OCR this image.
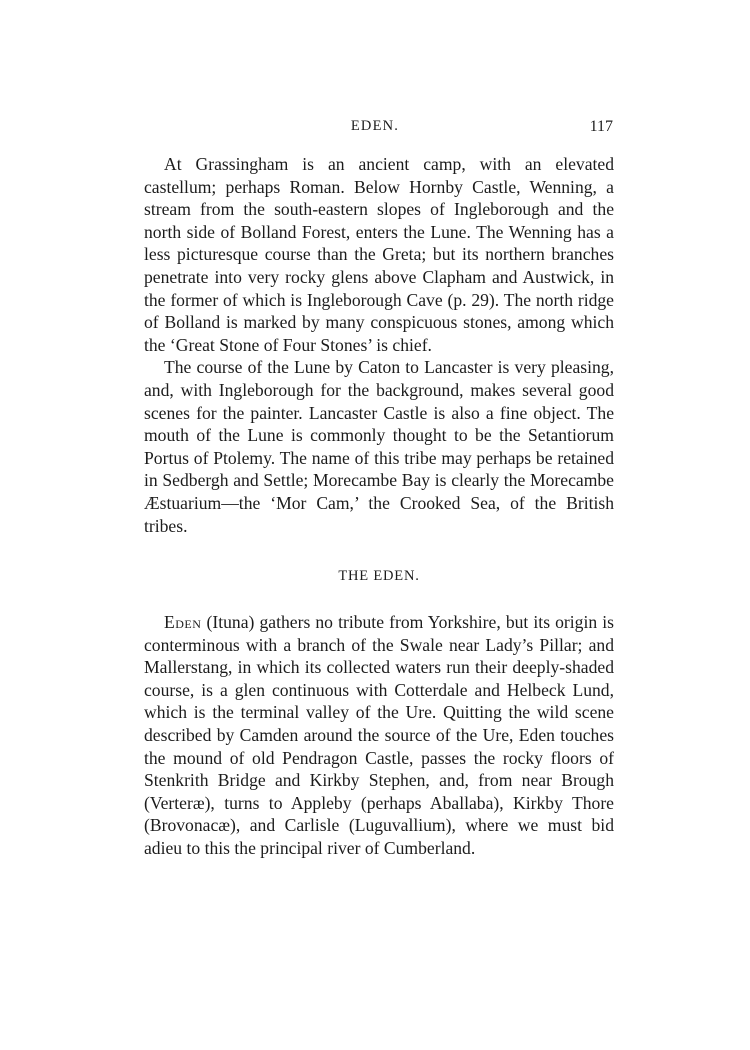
EDEN.	117

At Grassingham is an ancient camp, with an elevated castellum; perhaps Roman. Below Hornby Castle, Wenning, a stream from the south-eastern slopes of Ingleborough and the north side of Bolland Forest, enters the Lune. The Wenning has a less picturesque course than the Greta; but its northern branches penetrate into very rocky glens above Clapham and Austwick, in the former of which is Ingleborough Cave (p. 29). The north ridge of Bolland is marked by many conspicuous stones, among which the ‘Great Stone of Four Stones’ is chief.

The course of the Lune by Caton to Lancaster is very pleasing, and, with Ingleborough for the background, makes several good scenes for the painter. Lancaster Castle is also a fine object. The mouth of the Lune is commonly thought to be the Setantiorum Portus of Ptolemy. The name of this tribe may perhaps be retained in Sedbergh and Settle; Morecambe Bay is clearly the Morecambe Æstuarium—the ‘Mor Cam,’ the Crooked Sea, of the British tribes.

THE EDEN.

Eden (Ituna) gathers no tribute from Yorkshire, but its origin is conterminous with a branch of the Swale near Lady’s Pillar; and Mallerstang, in which its collected waters run their deeply-shaded course, is a glen continuous with Cotterdale and Helbeck Lund, which is the terminal valley of the Ure. Quitting the wild scene described by Camden around the source of the Ure, Eden touches the mound of old Pendragon Castle, passes the rocky floors of Stenkrith Bridge and Kirkby Stephen, and, from near Brough (Verteræ), turns to Appleby (perhaps Aballaba), Kirkby Thore (Brovonacæ), and Carlisle (Luguvallium), where we must bid adieu to this the principal river of Cumberland.
